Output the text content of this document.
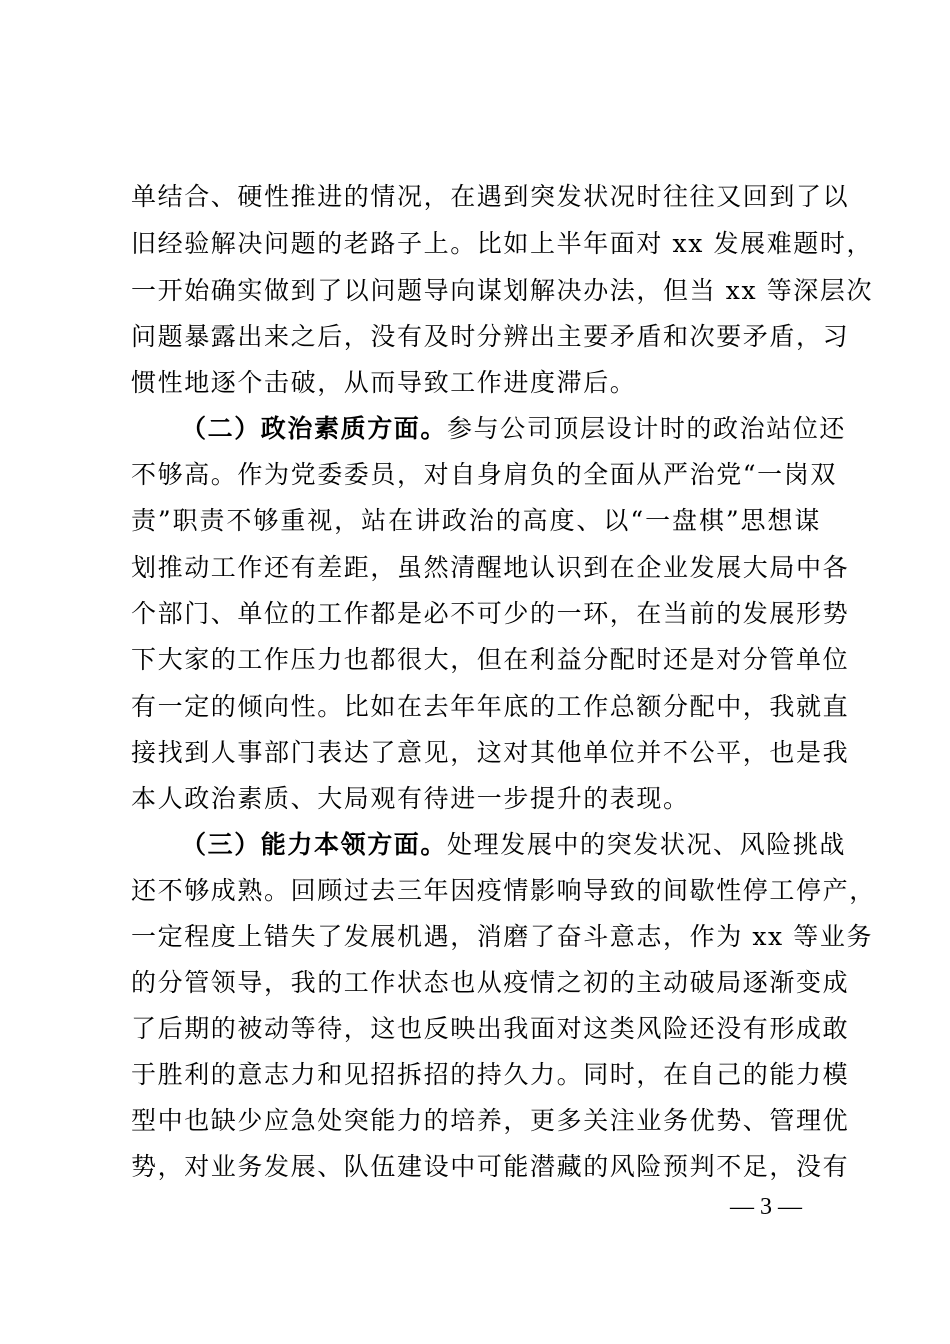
单结合、硬性推进的情况，在遇到突发状况时往往又回到了以
旧经验解决问题的老路子上。比如上半年面对 xx 发展难题时，
一开始确实做到了以问题导向谋划解决办法，但当 xx 等深层次
问题暴露出来之后，没有及时分辨出主要矛盾和次要矛盾，习
惯性地逐个击破，从而导致工作进度滞后。
（二）政治素质方面。参与公司顶层设计时的政治站位还
不够高。作为党委委员，对自身肩负的全面从严治党“一岗双
责”职责不够重视，站在讲政治的高度、以“一盘棋”思想谋
划推动工作还有差距，虽然清醒地认识到在企业发展大局中各
个部门、单位的工作都是必不可少的一环，在当前的发展形势
下大家的工作压力也都很大，但在利益分配时还是对分管单位
有一定的倾向性。比如在去年年底的工作总额分配中，我就直
接找到人事部门表达了意见，这对其他单位并不公平，也是我
本人政治素质、大局观有待进一步提升的表现。
（三）能力本领方面。处理发展中的突发状况、风险挑战
还不够成熟。回顾过去三年因疫情影响导致的间歇性停工停产，
一定程度上错失了发展机遇，消磨了奋斗意志，作为 xx 等业务
的分管领导，我的工作状态也从疫情之初的主动破局逐渐变成
了后期的被动等待，这也反映出我面对这类风险还没有形成敢
于胜利的意志力和见招拆招的持久力。同时，在自己的能力模
型中也缺少应急处突能力的培养，更多关注业务优势、管理优
势，对业务发展、队伍建设中可能潜藏的风险预判不足，没有
— 3 —
